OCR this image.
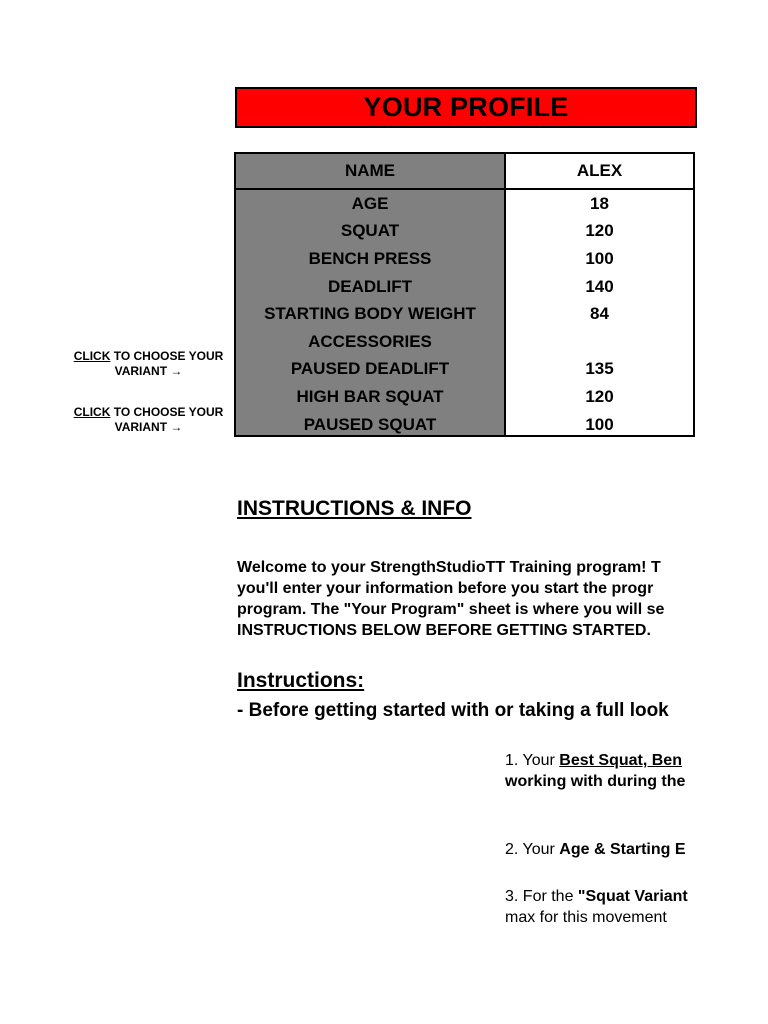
YOUR PROFILE
NAME
AGE
SQUAT
BENCH PRESS
DEADLIFT
STARTING BODY WEIGHT
ACCESSORIES
PAUSED DEADLIFT
HIGH BAR SQUAT
PAUSED SQUAT
ALEX
18
120
100
140
84
135
120
100
CLICK TO CHOOSE YOUR
VARIANT →
CLICK TO CHOOSE YOUR
VARIANT →
INSTRUCTIONS & INFO
Welcome to your StrengthStudioTT Training program! T
you'll enter your information before you start the progr
program. The "Your Program" sheet is where you will se
INSTRUCTIONS BELOW BEFORE GETTING STARTED.
Instructions:
- Before getting started with or taking a full look
1. Your Best Squat, Ben
working with during the
2. Your Age & Starting E
3. For the "Squat Variant
max for this movement
